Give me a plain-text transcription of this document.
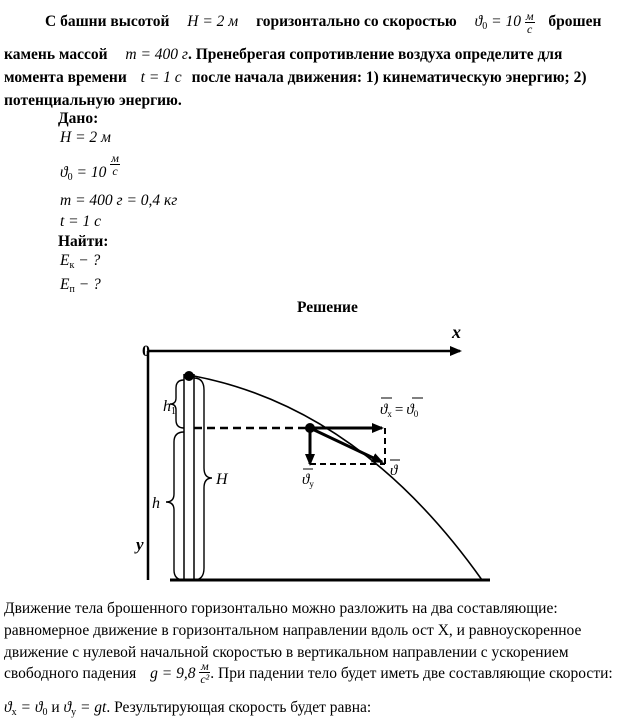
С башни высотой H = 2 м горизонтально со скоростью $ϑ_0 = 10 \frac{м}{с}$ брошен
камень массой m = 400 г. Пренебрегая сопротивление воздуха определите для
момента времени t = 1 с после начала движения: 1) кинематическую энергию; 2)
потенциальную энергию.
Дано:
H = 2 м
$ϑ_0 = 10 \frac{м}{с}$
m = 400 г = 0,4 кг
t = 1 с
Найти:
$E_к$ − ?
$E_п$ − ?
Решение
0
x
y
h1
h
H
$ϑ_x = ϑ_0$
$ϑ_y$
ϑ
Движение тела брошенного горизонтально можно разложить на два составляющие:
равномерное движение в горизонтальном направлении вдоль ост X, и равноускоренное
движение с нулевой начальной скоростью в вертикальном направлении с ускорением
свободного падения $g = 9,8 \frac{м}{\text{с²}}$ . При падении тело будет иметь две составляющие скорости:
$ϑ_x = ϑ_0$ и $ϑ_y$ = gt. Результирующая скорость будет равна:
